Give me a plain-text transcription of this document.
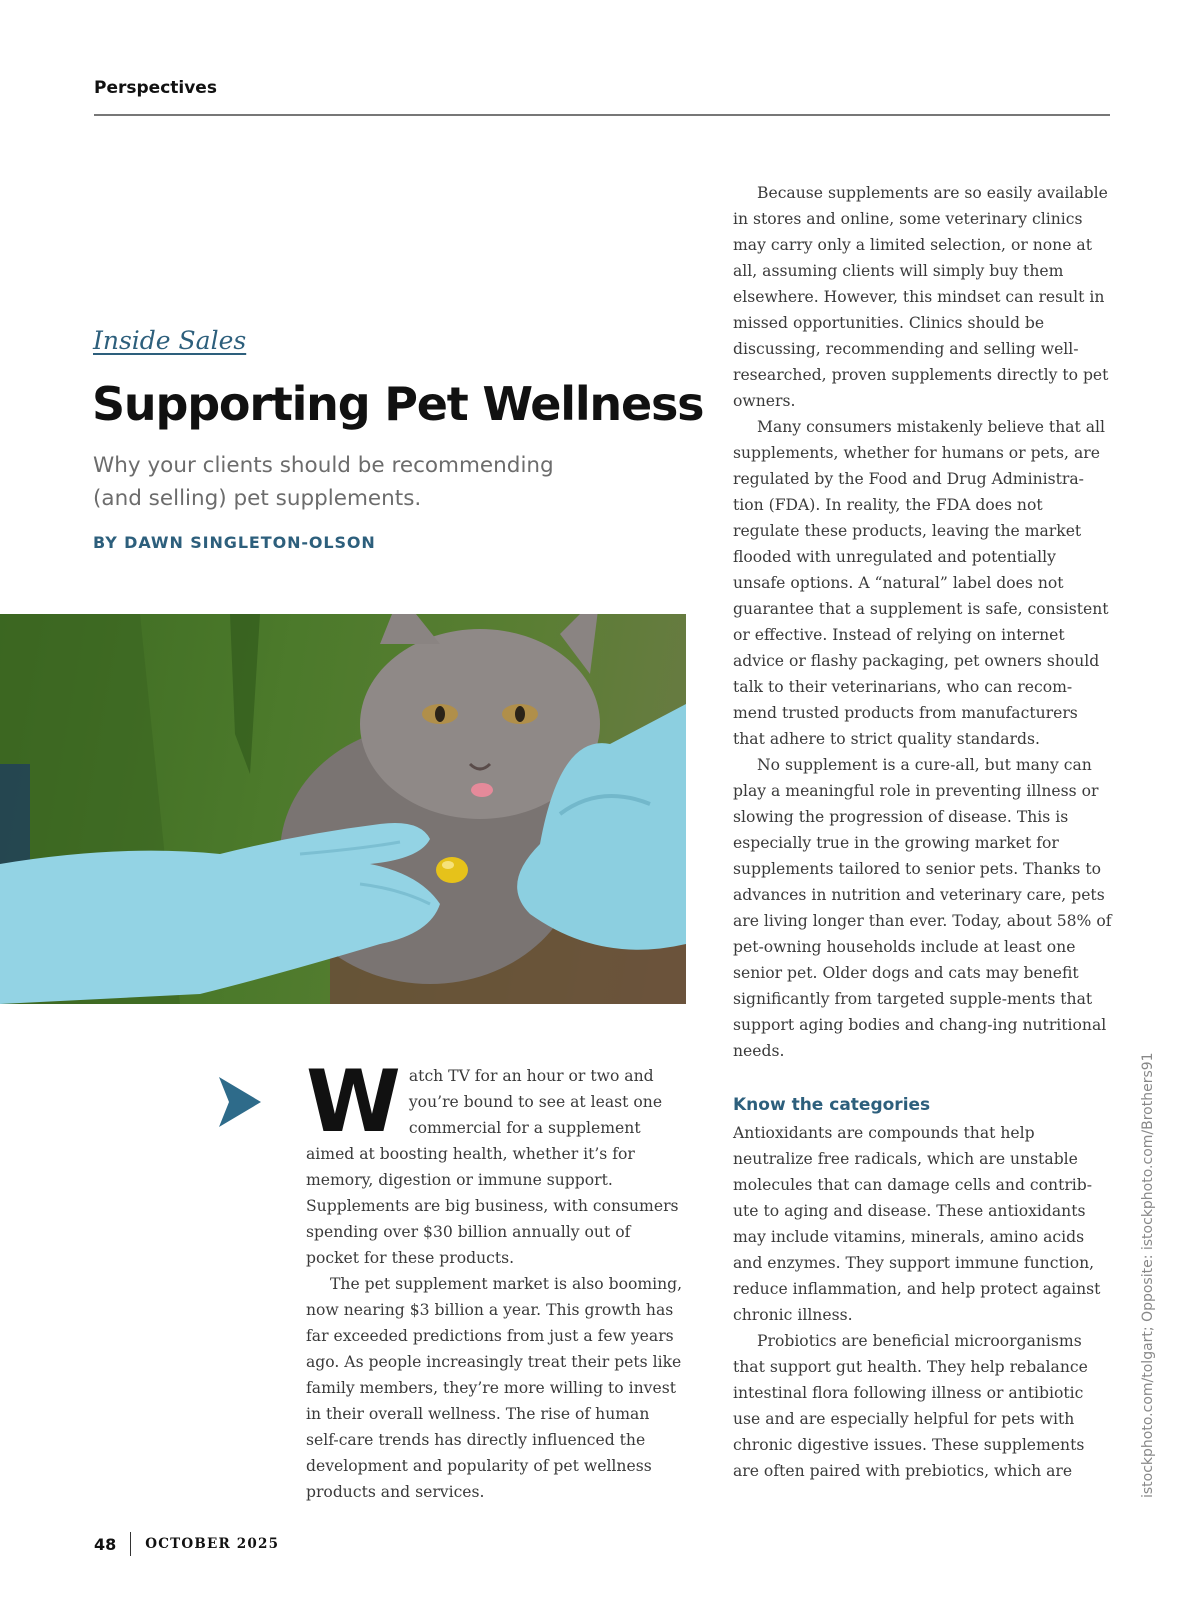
Perspectives
Inside Sales
Supporting Pet Wellness

Why your clients should be recommending (and selling) pet supplements.

BY DAWN SINGLETON-OLSON
W atch TV for an hour or two and you’re bound to see at least one commercial for a supplement aimed at boosting health, whether it’s for memory, digestion or immune support. Supplements are big business, with consumers spending over $30 billion annually out of pocket for these products.

The pet supplement market is also booming, now nearing $3 billion a year. This growth has far exceeded predictions from just a few years ago. As people increasingly treat their pets like family members, they’re more willing to invest in their overall wellness. The rise of human self-care trends has directly influenced the development and popularity of pet wellness products and services.

Because supplements are so easily available in stores and online, some veterinary clinics may carry only a limited selection, or none at all, assuming clients will simply buy them elsewhere. However, this mindset can result in missed opportunities. Clinics should be discussing, recommending and selling well-researched, proven supplements directly to pet owners.

Many consumers mistakenly believe that all supplements, whether for humans or pets, are regulated by the Food and Drug Administra-tion (FDA). In reality, the FDA does not regulate these products, leaving the market flooded with unregulated and potentially unsafe options. A “natural” label does not guarantee that a supplement is safe, consistent or effective. Instead of relying on internet advice or flashy packaging, pet owners should talk to their veterinarians, who can recom-mend trusted products from manufacturers that adhere to strict quality standards.

No supplement is a cure-all, but many can play a meaningful role in preventing illness or slowing the progression of disease. This is especially true in the growing market for supplements tailored to senior pets. Thanks to advances in nutrition and veterinary care, pets are living longer than ever. Today, about 58% of pet-owning households include at least one senior pet. Older dogs and cats may benefit significantly from targeted supple-ments that support aging bodies and chang-ing nutritional needs.

Know the categories

Antioxidants are compounds that help neutralize free radicals, which are unstable molecules that can damage cells and contrib-ute to aging and disease. These antioxidants may include vitamins, minerals, amino acids and enzymes. They support immune function, reduce inflammation, and help protect against chronic illness.

Probiotics are beneficial microorganisms that support gut health. They help rebalance intestinal flora following illness or antibiotic use and are especially helpful for pets with chronic digestive issues. These supplements are often paired with prebiotics, which are	istockphoto.com/tolgart; Opposite: istockphoto.com/Brothers91
48 OCTOBER 2025
